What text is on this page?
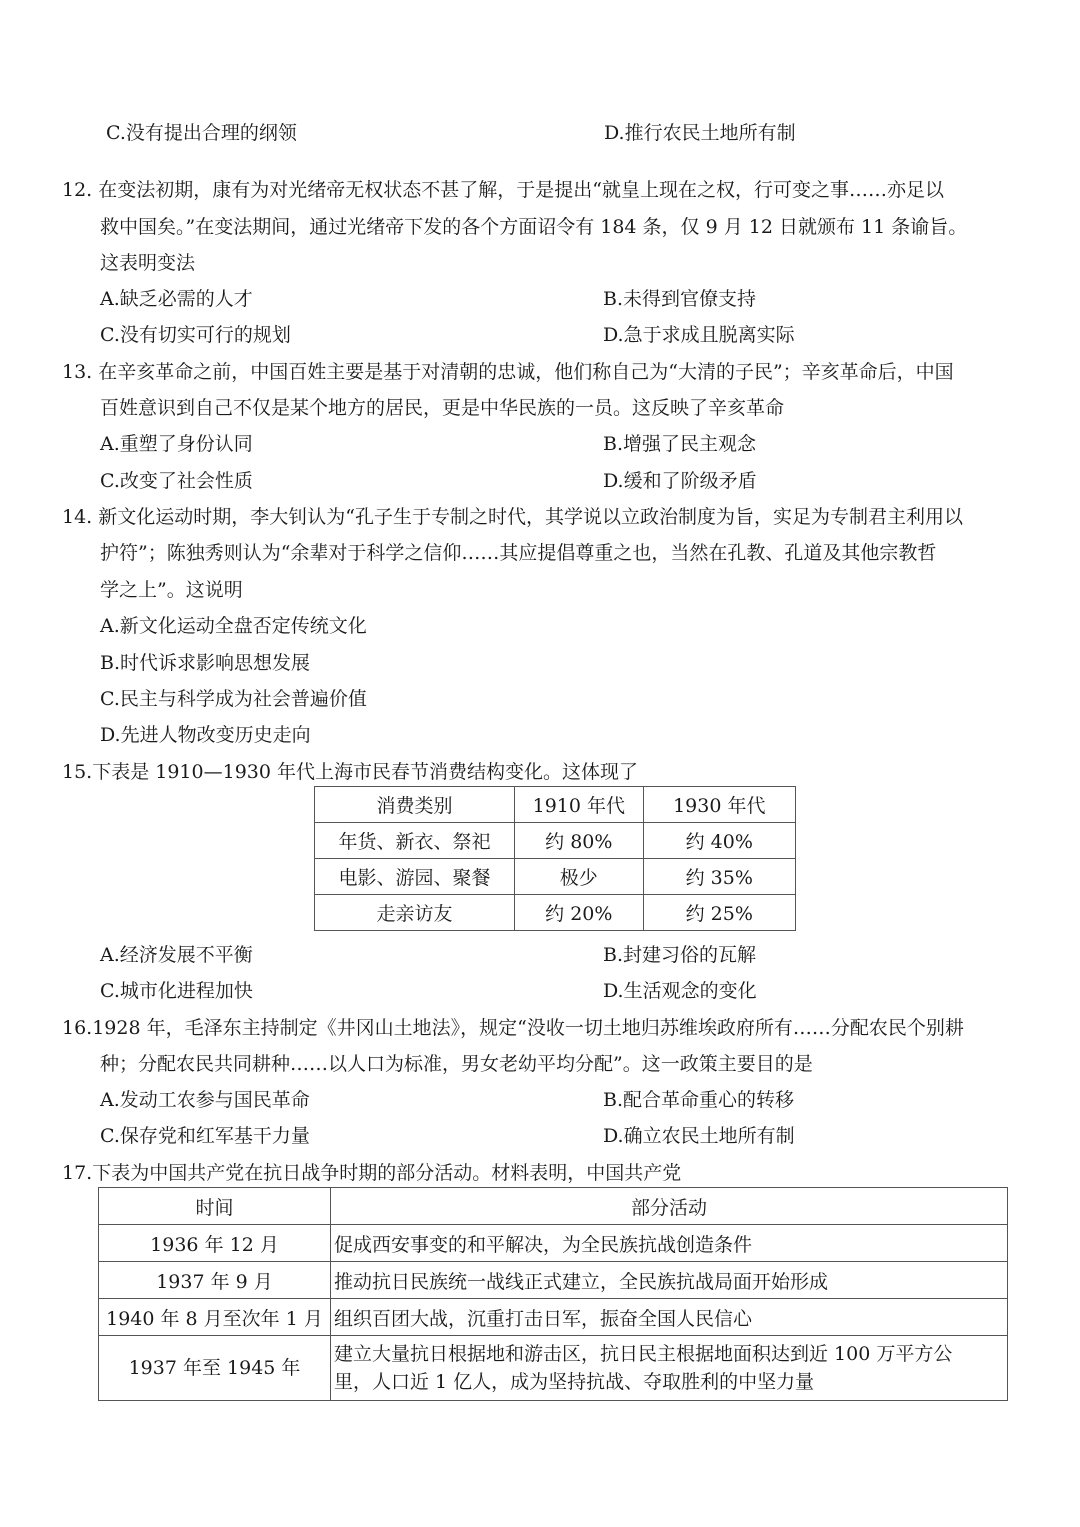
C.没有提出合理的纲领	D.推行农民土地所有制
12. 在变法初期，康有为对光绪帝无权状态不甚了解，于是提出“就皇上现在之权，行可变之事……亦足以
救中国矣。”在变法期间，通过光绪帝下发的各个方面诏令有 184 条，仅 9 月 12 日就颁布 11 条谕旨。
这表明变法
A.缺乏必需的人才	B.未得到官僚支持
C.没有切实可行的规划	D.急于求成且脱离实际
13. 在辛亥革命之前，中国百姓主要是基于对清朝的忠诚，他们称自己为“大清的子民”；辛亥革命后，中国
百姓意识到自己不仅是某个地方的居民，更是中华民族的一员。这反映了辛亥革命
A.重塑了身份认同	B.增强了民主观念
C.改变了社会性质	D.缓和了阶级矛盾
14. 新文化运动时期，李大钊认为“孔子生于专制之时代，其学说以立政治制度为旨，实足为专制君主利用以
护符”；陈独秀则认为“余辈对于科学之信仰……其应提倡尊重之也，当然在孔教、孔道及其他宗教哲
学之上”。这说明
A.新文化运动全盘否定传统文化
B.时代诉求影响思想发展
C.民主与科学成为社会普遍价值
D.先进人物改变历史走向
15.下表是 1910—1930 年代上海市民春节消费结构变化。这体现了
消费类别	1910 年代	1930 年代
年货、新衣、祭祀	约 80%	约 40%
电影、游园、聚餐	极少	约 35%
走亲访友	约 20%	约 25%
A.经济发展不平衡	B.封建习俗的瓦解
C.城市化进程加快	D.生活观念的变化
16.1928 年，毛泽东主持制定《井冈山土地法》，规定“没收一切土地归苏维埃政府所有……分配农民个别耕
种；分配农民共同耕种……以人口为标准，男女老幼平均分配”。这一政策主要目的是
A.发动工农参与国民革命	B.配合革命重心的转移
C.保存党和红军基干力量	D.确立农民土地所有制
17.下表为中国共产党在抗日战争时期的部分活动。材料表明，中国共产党
时间	部分活动
1936 年 12 月	促成西安事变的和平解决，为全民族抗战创造条件
1937 年 9 月	推动抗日民族统一战线正式建立，全民族抗战局面开始形成
1940 年 8 月至次年 1 月	组织百团大战，沉重打击日军，振奋全国人民信心
1937 年至 1945 年	建立大量抗日根据地和游击区，抗日民主根据地面积达到近 100 万平方公
里，人口近 1 亿人，成为坚持抗战、夺取胜利的中坚力量
